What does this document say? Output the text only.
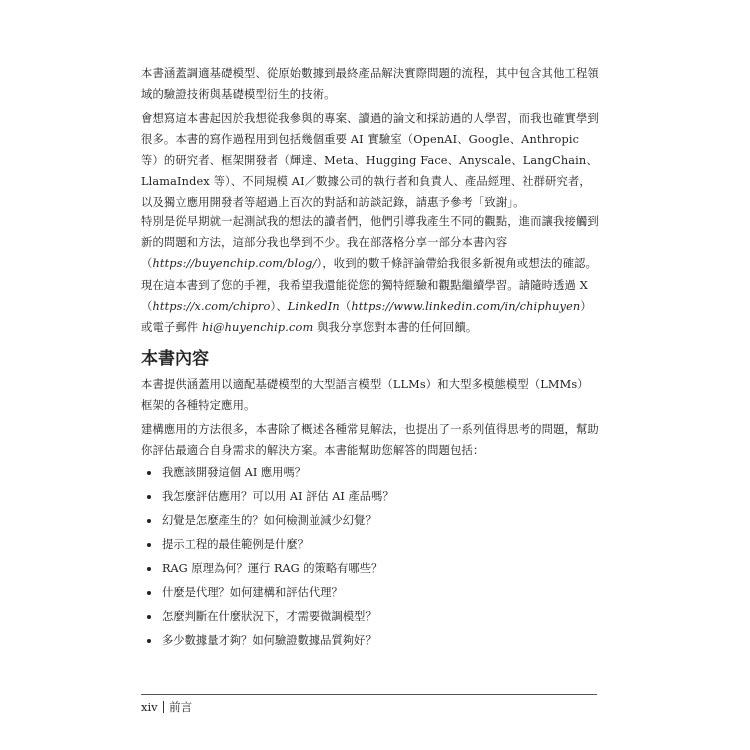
本書涵蓋調適基礎模型、從原始數據到最終產品解決實際問題的流程，其中包含其他工程領域的驗證技術與基礎模型衍生的技術。

會想寫這本書起因於我想從我參與的專案、讀過的論文和採訪過的人學習，而我也確實學到很多。本書的寫作過程用到包括幾個重要 AI 實驗室（OpenAI、Google、Anthropic 等）的研究者、框架開發者（輝達、Meta、Hugging Face、Anyscale、LangChain、LlamaIndex 等）、不同規模 AI／數據公司的執行者和負責人、產品經理、社群研究者，以及獨立應用開發者等超過上百次的對話和訪談記錄，請惠予參考「致謝」。

特別是從早期就一起測試我的想法的讀者們，他們引導我產生不同的觀點，進而讓我接觸到新的問題和方法，這部分我也學到不少。我在部落格分享一部分本書內容（https://buyenchip.com/blog/），收到的數千條評論帶給我很多新視角或想法的確認。

現在這本書到了您的手裡，我希望我還能從您的獨特經驗和觀點繼續學習。請隨時透過 X（https://x.com/chipro）、LinkedIn（https://www.linkedin.com/in/chiphuyen）或電子郵件 hi@huyenchip.com 與我分享您對本書的任何回饋。

本書內容

本書提供涵蓋用以適配基礎模型的大型語言模型（LLMs）和大型多模態模型（LMMs）框架的各種特定應用。

建構應用的方法很多，本書除了概述各種常見解法，也提出了一系列值得思考的問題，幫助你評估最適合自身需求的解決方案。本書能幫助您解答的問題包括：

我應該開發這個 AI 應用嗎？
我怎麼評估應用？可以用 AI 評估 AI 產品嗎？
幻覺是怎麼產生的？如何檢測並減少幻覺？
提示工程的最佳範例是什麼？
RAG 原理為何？運行 RAG 的策略有哪些？
什麼是代理？如何建構和評估代理？
怎麼判斷在什麼狀況下，才需要微調模型？
多少數據量才夠？如何驗證數據品質夠好？
xiv 前言
